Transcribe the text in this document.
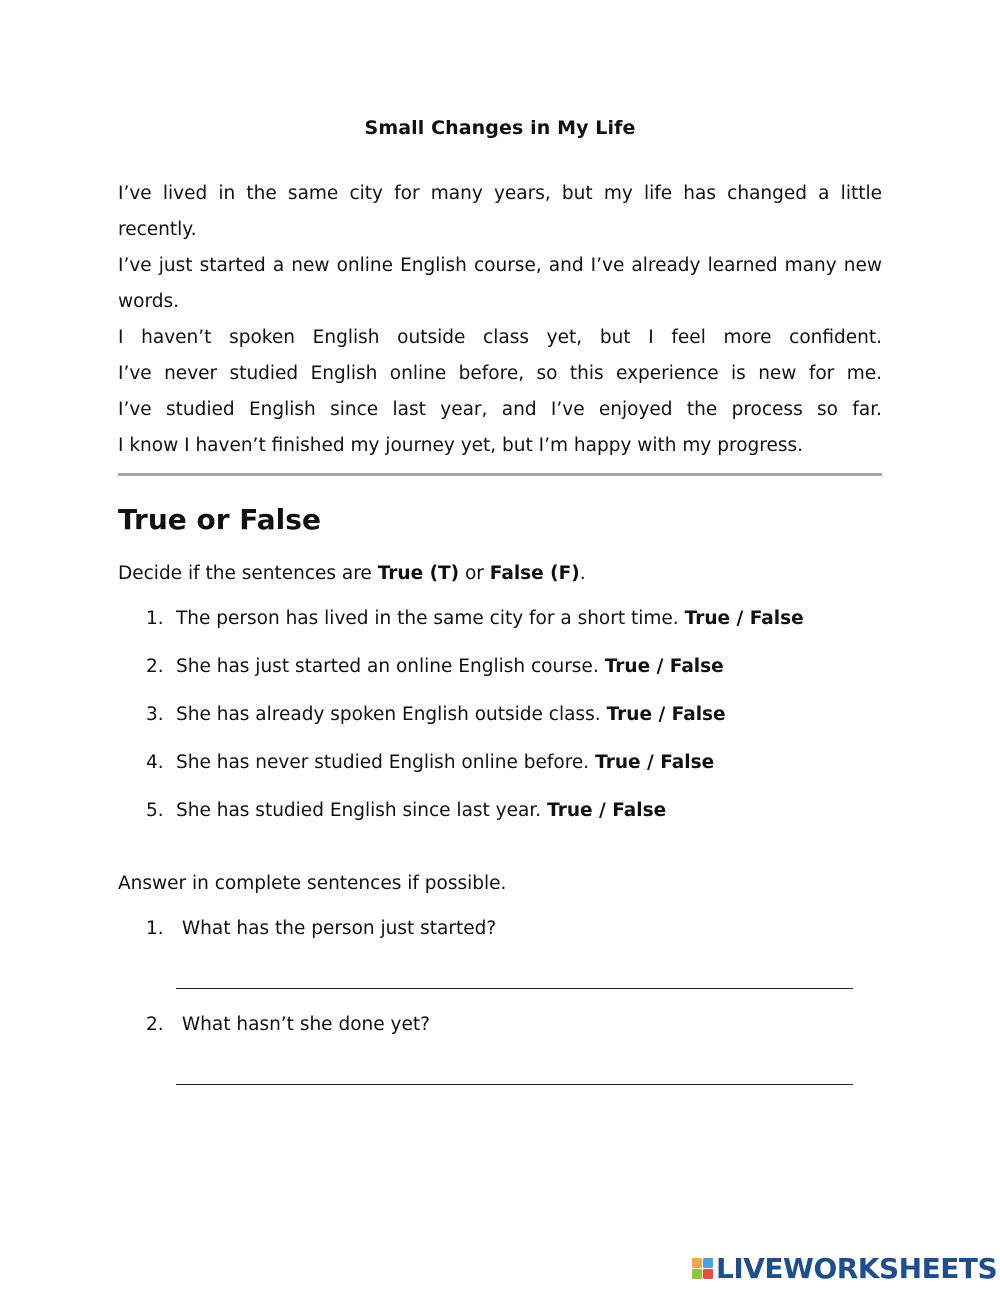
Small Changes in My Life

I’ve lived in the same city for many years, but my life has changed a little recently.

I’ve just started a new online English course, and I’ve already learned many new words.

I haven’t spoken English outside class yet, but I feel more confident.

I’ve never studied English online before, so this experience is new for me.

I’ve studied English since last year, and I’ve enjoyed the process so far.

I know I haven’t finished my journey yet, but I’m happy with my progress.

True or False
Decide if the sentences are True (T) or False (F).
1. The person has lived in the same city for a short time. True / False
2. She has just started an online English course. True / False
3. She has already spoken English outside class. True / False
4. She has never studied English online before. True / False
5. She has studied English since last year. True / False
Answer in complete sentences if possible.
1. What has the person just started?
2. What hasn’t she done yet?
LIVEWORKSHEETS
